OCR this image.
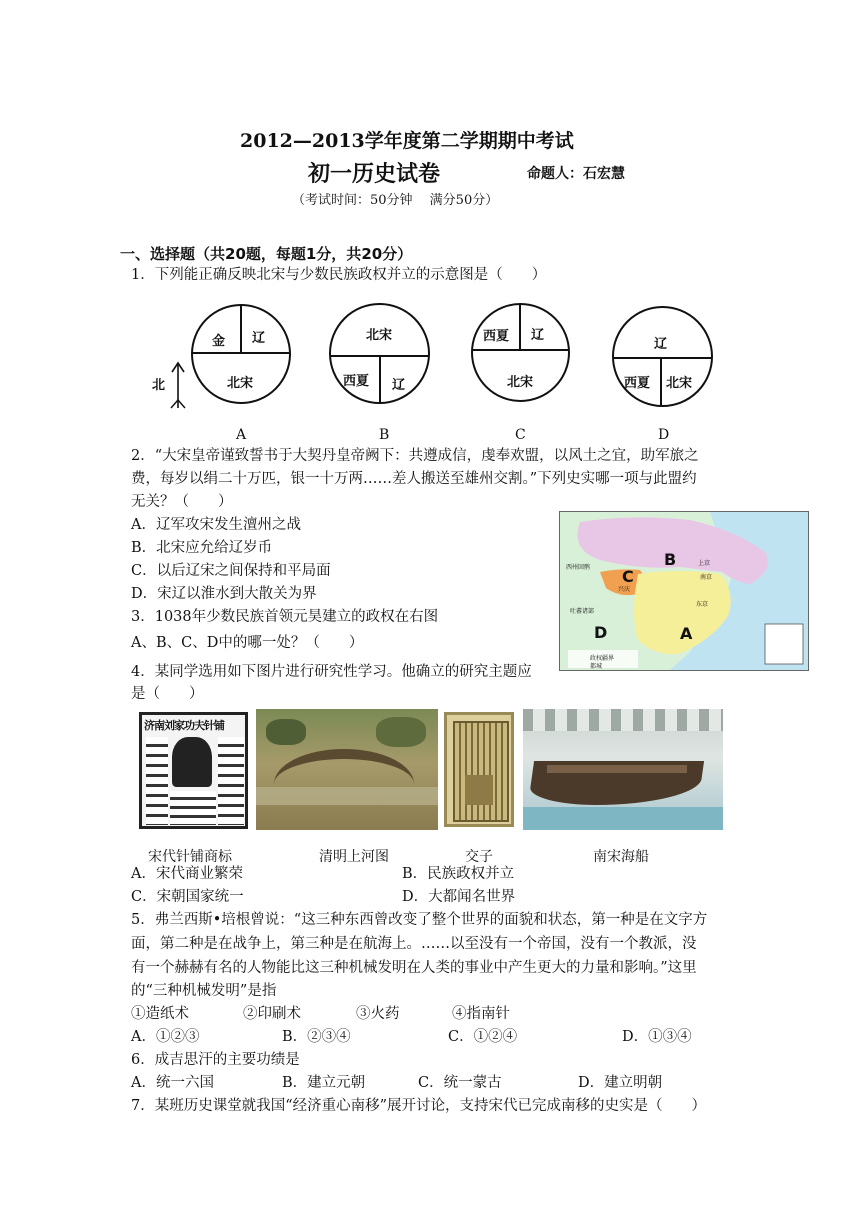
2012—2013学年度第二学期期中考试
初一历史试卷	命题人：石宏慧
（考试时间：50分钟　 满分50分）
一、选择题（共20题，每题1分，共20分）
1．下列能正确反映北宋与少数民族政权并立的示意图是（　　）
北
金 辽
北宋
A
北宋
西夏 辽
B
西夏 辽
北宋
C
辽
西夏 北宋
D
2．“大宋皇帝谨致誓书于大契丹皇帝阙下：共遵成信，虔奉欢盟，以风土之宜，助军旅之
费，每岁以绢二十万匹，银一十万两……差人搬送至雄州交割。”下列史实哪一项与此盟约
无关？（　　）
A．辽军攻宋发生澶州之战
B．北宋应允给辽岁币
C．以后辽宋之间保持和平局面
D．宋辽以淮水到大散关为界
3．1038年少数民族首领元昊建立的政权在右图
A、B、C、D中的哪一处？（　　）
B
C
D	A
西州回鹘
上京
南京
兴庆
东京
吐蕃诸部
政权疆界
都城
4．某同学选用如下图片进行研究性学习。他确立的研究主题应
是（　　）
济南刘家功夫针铺
宋代针铺商标	清明上河图	交子	南宋海船
A．宋代商业繁荣	B．民族政权并立
C．宋朝国家统一	D．大都闻名世界
5．弗兰西斯•培根曾说：“这三种东西曾改变了整个世界的面貌和状态，第一种是在文字方
面，第二种是在战争上，第三种是在航海上。……以至没有一个帝国，没有一个教派，没
有一个赫赫有名的人物能比这三种机械发明在人类的事业中产生更大的力量和影响。”这里
的“三种机械发明”是指
①造纸术	②印刷术	③火药	④指南针
A．①②③	B．②③④	C．①②④	D．①③④
6．成吉思汗的主要功绩是
A．统一六国	B．建立元朝	C．统一蒙古	D．建立明朝
7．某班历史课堂就我国“经济重心南移”展开讨论，支持宋代已完成南移的史实是（　　）
